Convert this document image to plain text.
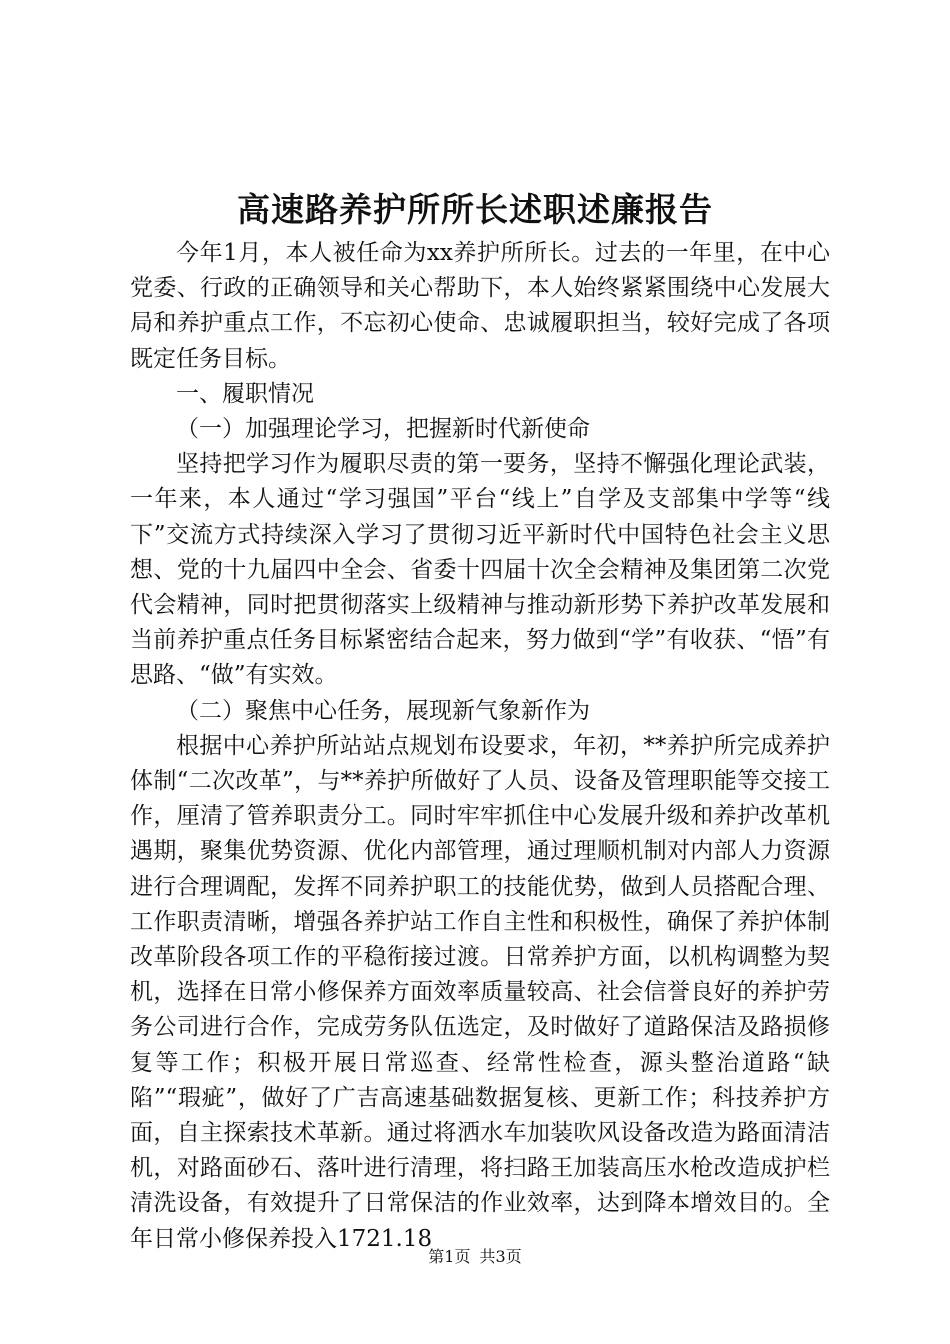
高速路养护所所长述职述廉报告

今年1月，本人被任命为xx养护所所长。过去的一年里，在中心党委、行政的正确领导和关心帮助下，本人始终紧紧围绕中心发展大局和养护重点工作，不忘初心使命、忠诚履职担当，较好完成了各项既定任务目标。

一、履职情况

（一）加强理论学习，把握新时代新使命

坚持把学习作为履职尽责的第一要务，坚持不懈强化理论武装，一年来，本人通过“学习强国”平台“线上”自学及支部集中学等“线下”交流方式持续深入学习了贯彻习近平新时代中国特色社会主义思想、党的十九届四中全会、省委十四届十次全会精神及集团第二次党代会精神，同时把贯彻落实上级精神与推动新形势下养护改革发展和当前养护重点任务目标紧密结合起来，努力做到“学”有收获、“悟”有思路、“做”有实效。

（二）聚焦中心任务，展现新气象新作为

根据中心养护所站站点规划布设要求，年初，**养护所完成养护体制“二次改革”，与**养护所做好了人员、设备及管理职能等交接工作，厘清了管养职责分工。同时牢牢抓住中心发展升级和养护改革机遇期，聚集优势资源、优化内部管理，通过理顺机制对内部人力资源进行合理调配，发挥不同养护职工的技能优势，做到人员搭配合理、工作职责清晰，增强各养护站工作自主性和积极性，确保了养护体制改革阶段各项工作的平稳衔接过渡。日常养护方面，以机构调整为契机，选择在日常小修保养方面效率质量较高、社会信誉良好的养护劳务公司进行合作，完成劳务队伍选定，及时做好了道路保洁及路损修复等工作；积极开展日常巡查、经常性检查，源头整治道路“缺陷”“瑕疵”，做好了广吉高速基础数据复核、更新工作；科技养护方面，自主探索技术革新。通过将洒水车加装吹风设备改造为路面清洁机，对路面砂石、落叶进行清理，将扫路王加装高压水枪改造成护栏清洗设备，有效提升了日常保洁的作业效率，达到降本增效目的。全年日常小修保养投入1721.18

第1页 共3页
